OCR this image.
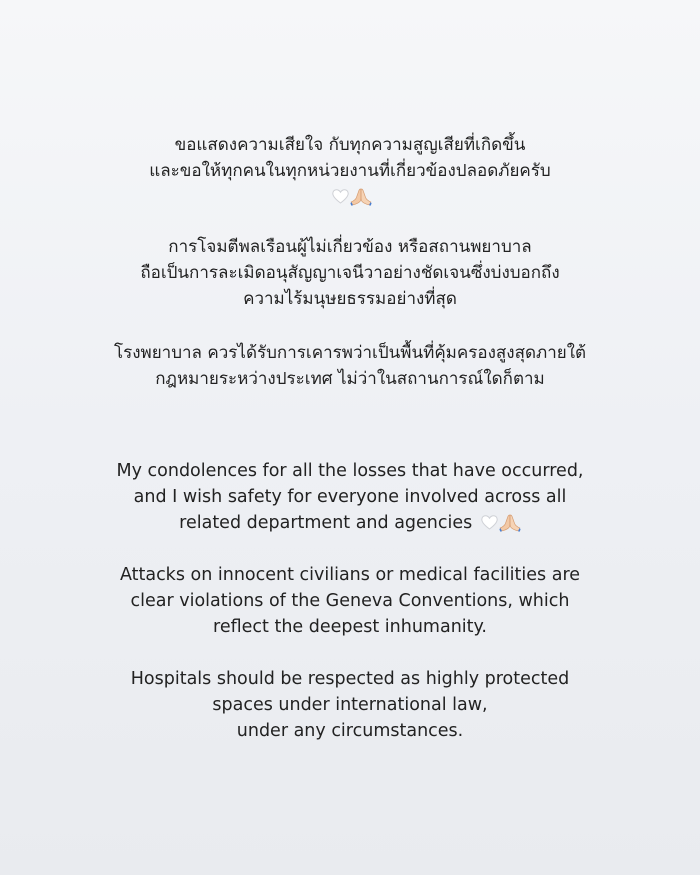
ขอแสดงความเสียใจ กับทุกความสูญเสียที่เกิดขึ้น
และขอให้ทุกคนในทุกหน่วยงานที่เกี่ยวข้องปลอดภัยครับ

การโจมตีพลเรือนผู้ไม่เกี่ยวข้อง หรือสถานพยาบาล
ถือเป็นการละเมิดอนุสัญญาเจนีวาอย่างชัดเจนซึ่งบ่งบอกถึง
ความไร้มนุษยธรรมอย่างที่สุด

โรงพยาบาล ควรได้รับการเคารพว่าเป็นพื้นที่คุ้มครองสูงสุดภายใต้
กฎหมายระหว่างประเทศ ไม่ว่าในสถานการณ์ใดก็ตาม

My condolences for all the losses that have occurred,
and I wish safety for everyone involved across all
related department and agencies

Attacks on innocent civilians or medical facilities are
clear violations of the Geneva Conventions, which
reflect the deepest inhumanity.

Hospitals should be respected as highly protected
spaces under international law,
under any circumstances.
